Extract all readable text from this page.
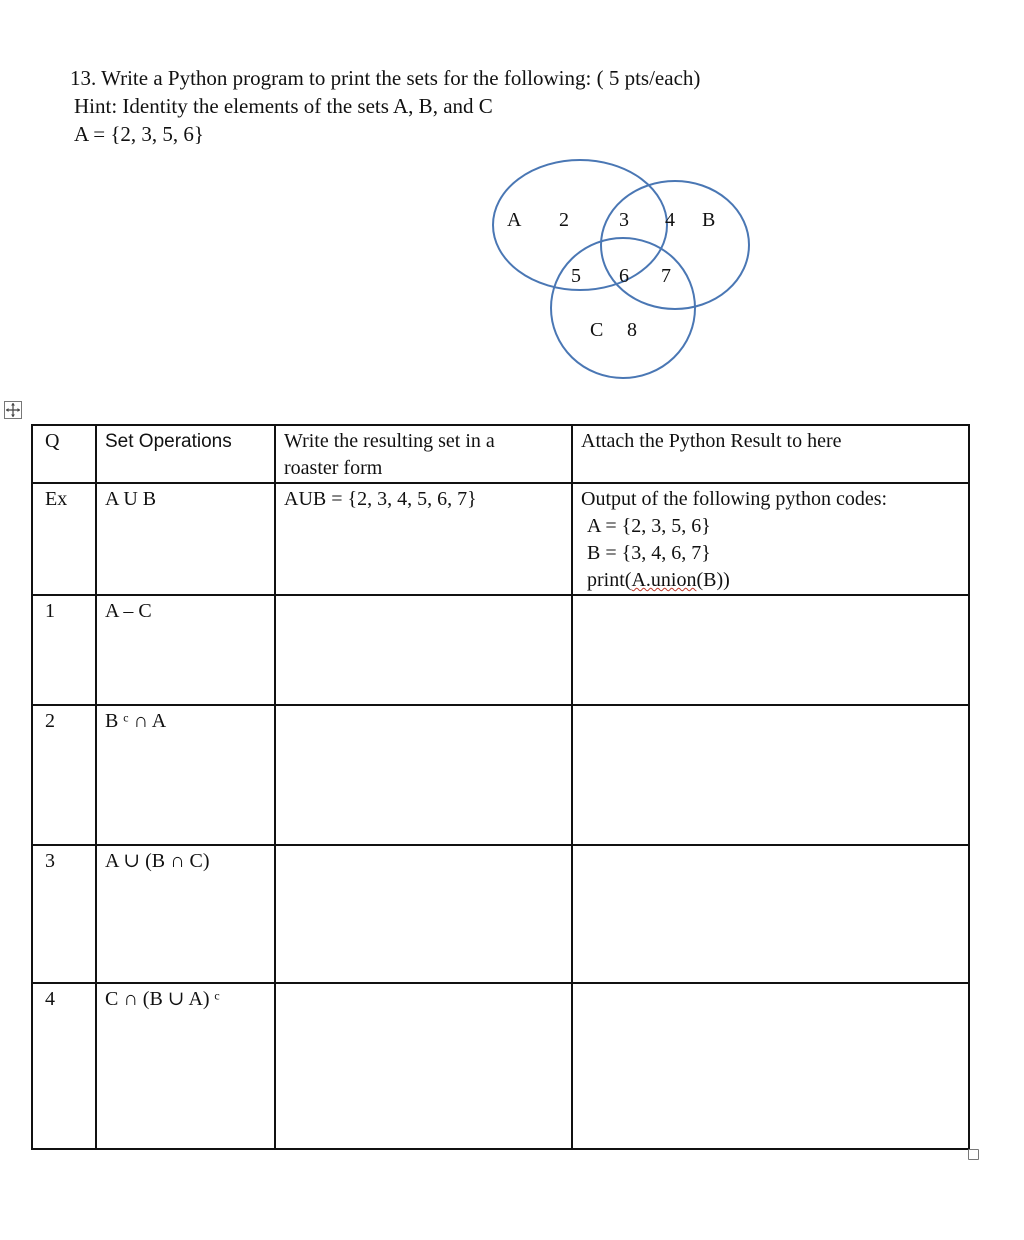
13. Write a Python program to print the sets for the following: ( 5 pts/each)
Hint: Identity the elements of the sets A, B, and C
A = {2, 3, 5, 6}
A 2	3 4 B
5 6 7
C 8
Q	Set Operations	Write the resulting set in a
roaster form	Attach the Python Result to here
Ex	A U B	AUB = {2, 3, 4, 5, 6, 7}	Output of the following python codes:
A = {2, 3, 5, 6}
B = {3, 4, 6, 7}
print(A.union(B))

1	A – C		
2	B ᶜ ∩ A		
3	A ∪ (B ∩ C)		
4	C ∩ (B ∪ A) ᶜ		
